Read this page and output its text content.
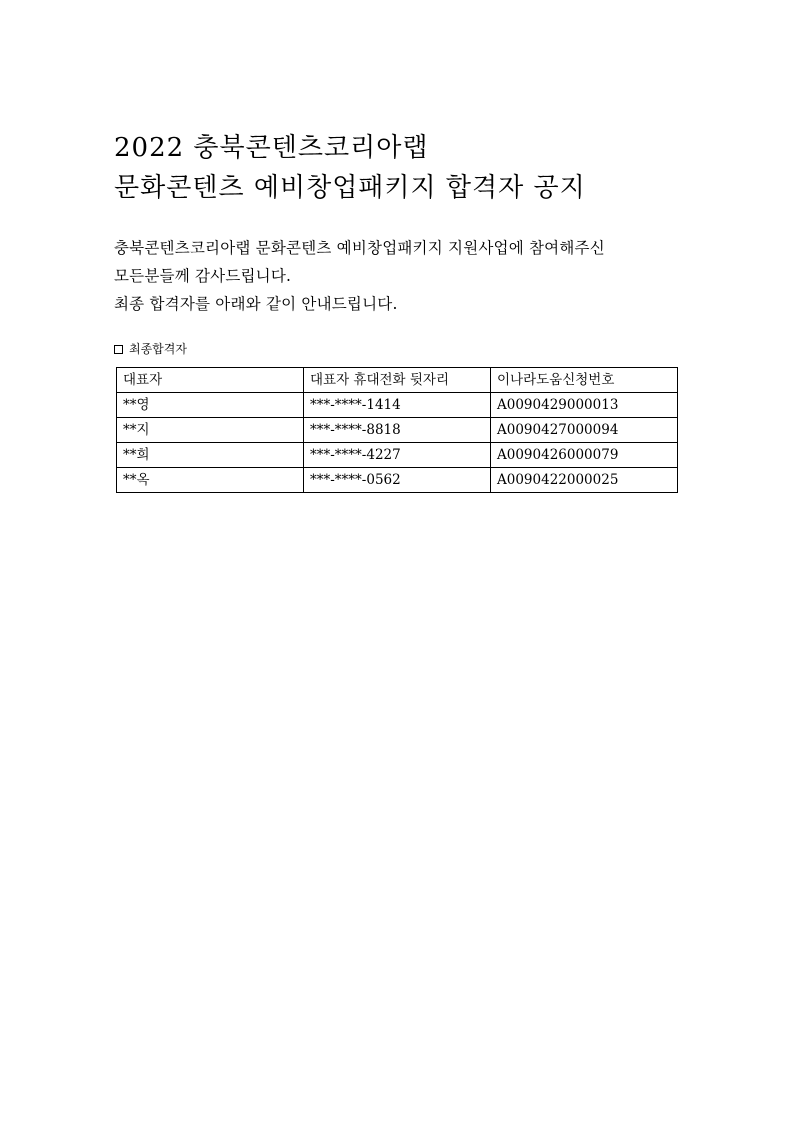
2022 충북콘텐츠코리아랩
문화콘텐츠 예비창업패키지 합격자 공지

충북콘텐츠코리아랩 문화콘텐츠 예비창업패키지 지원사업에 참여해주신
모든분들께 감사드립니다.
최종 합격자를 아래와 같이 안내드립니다.

최종합격자
대표자	대표자 휴대전화 뒷자리	이나라도움신청번호
**영	***-****-1414	A0090429000013
**지	***-****-8818	A0090427000094
**희	***-****-4227	A0090426000079
**옥	***-****-0562	A0090422000025
